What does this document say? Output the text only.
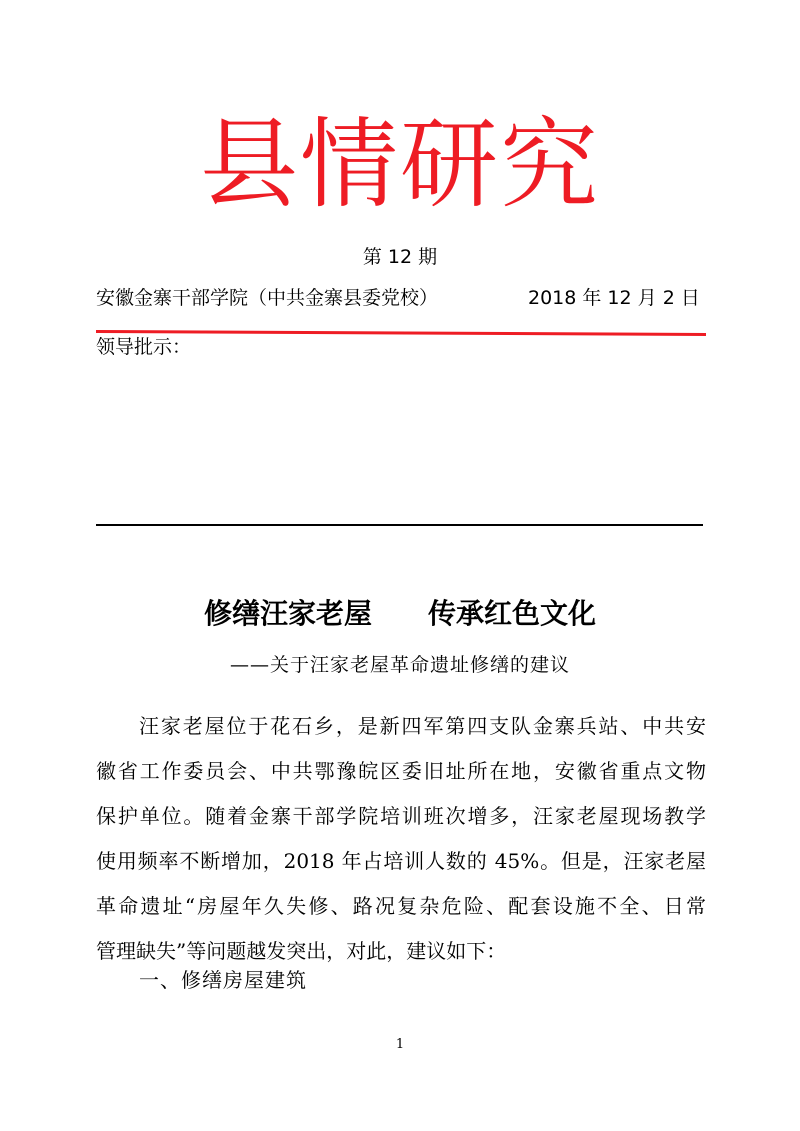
县情研究
第 12 期
安徽金寨干部学院（中共金寨县委党校）	2018 年 12 月 2 日
领导批示：
修缮汪家老屋　　传承红色文化
——关于汪家老屋革命遗址修缮的建议
汪家老屋位于花石乡，是新四军第四支队金寨兵站、中共安
徽省工作委员会、中共鄂豫皖区委旧址所在地，安徽省重点文物
保护单位。随着金寨干部学院培训班次增多，汪家老屋现场教学
使用频率不断增加，2018 年占培训人数的 45%。但是，汪家老屋
革命遗址“房屋年久失修、路况复杂危险、配套设施不全、日常
管理缺失”等问题越发突出，对此，建议如下：
一、修缮房屋建筑
1
